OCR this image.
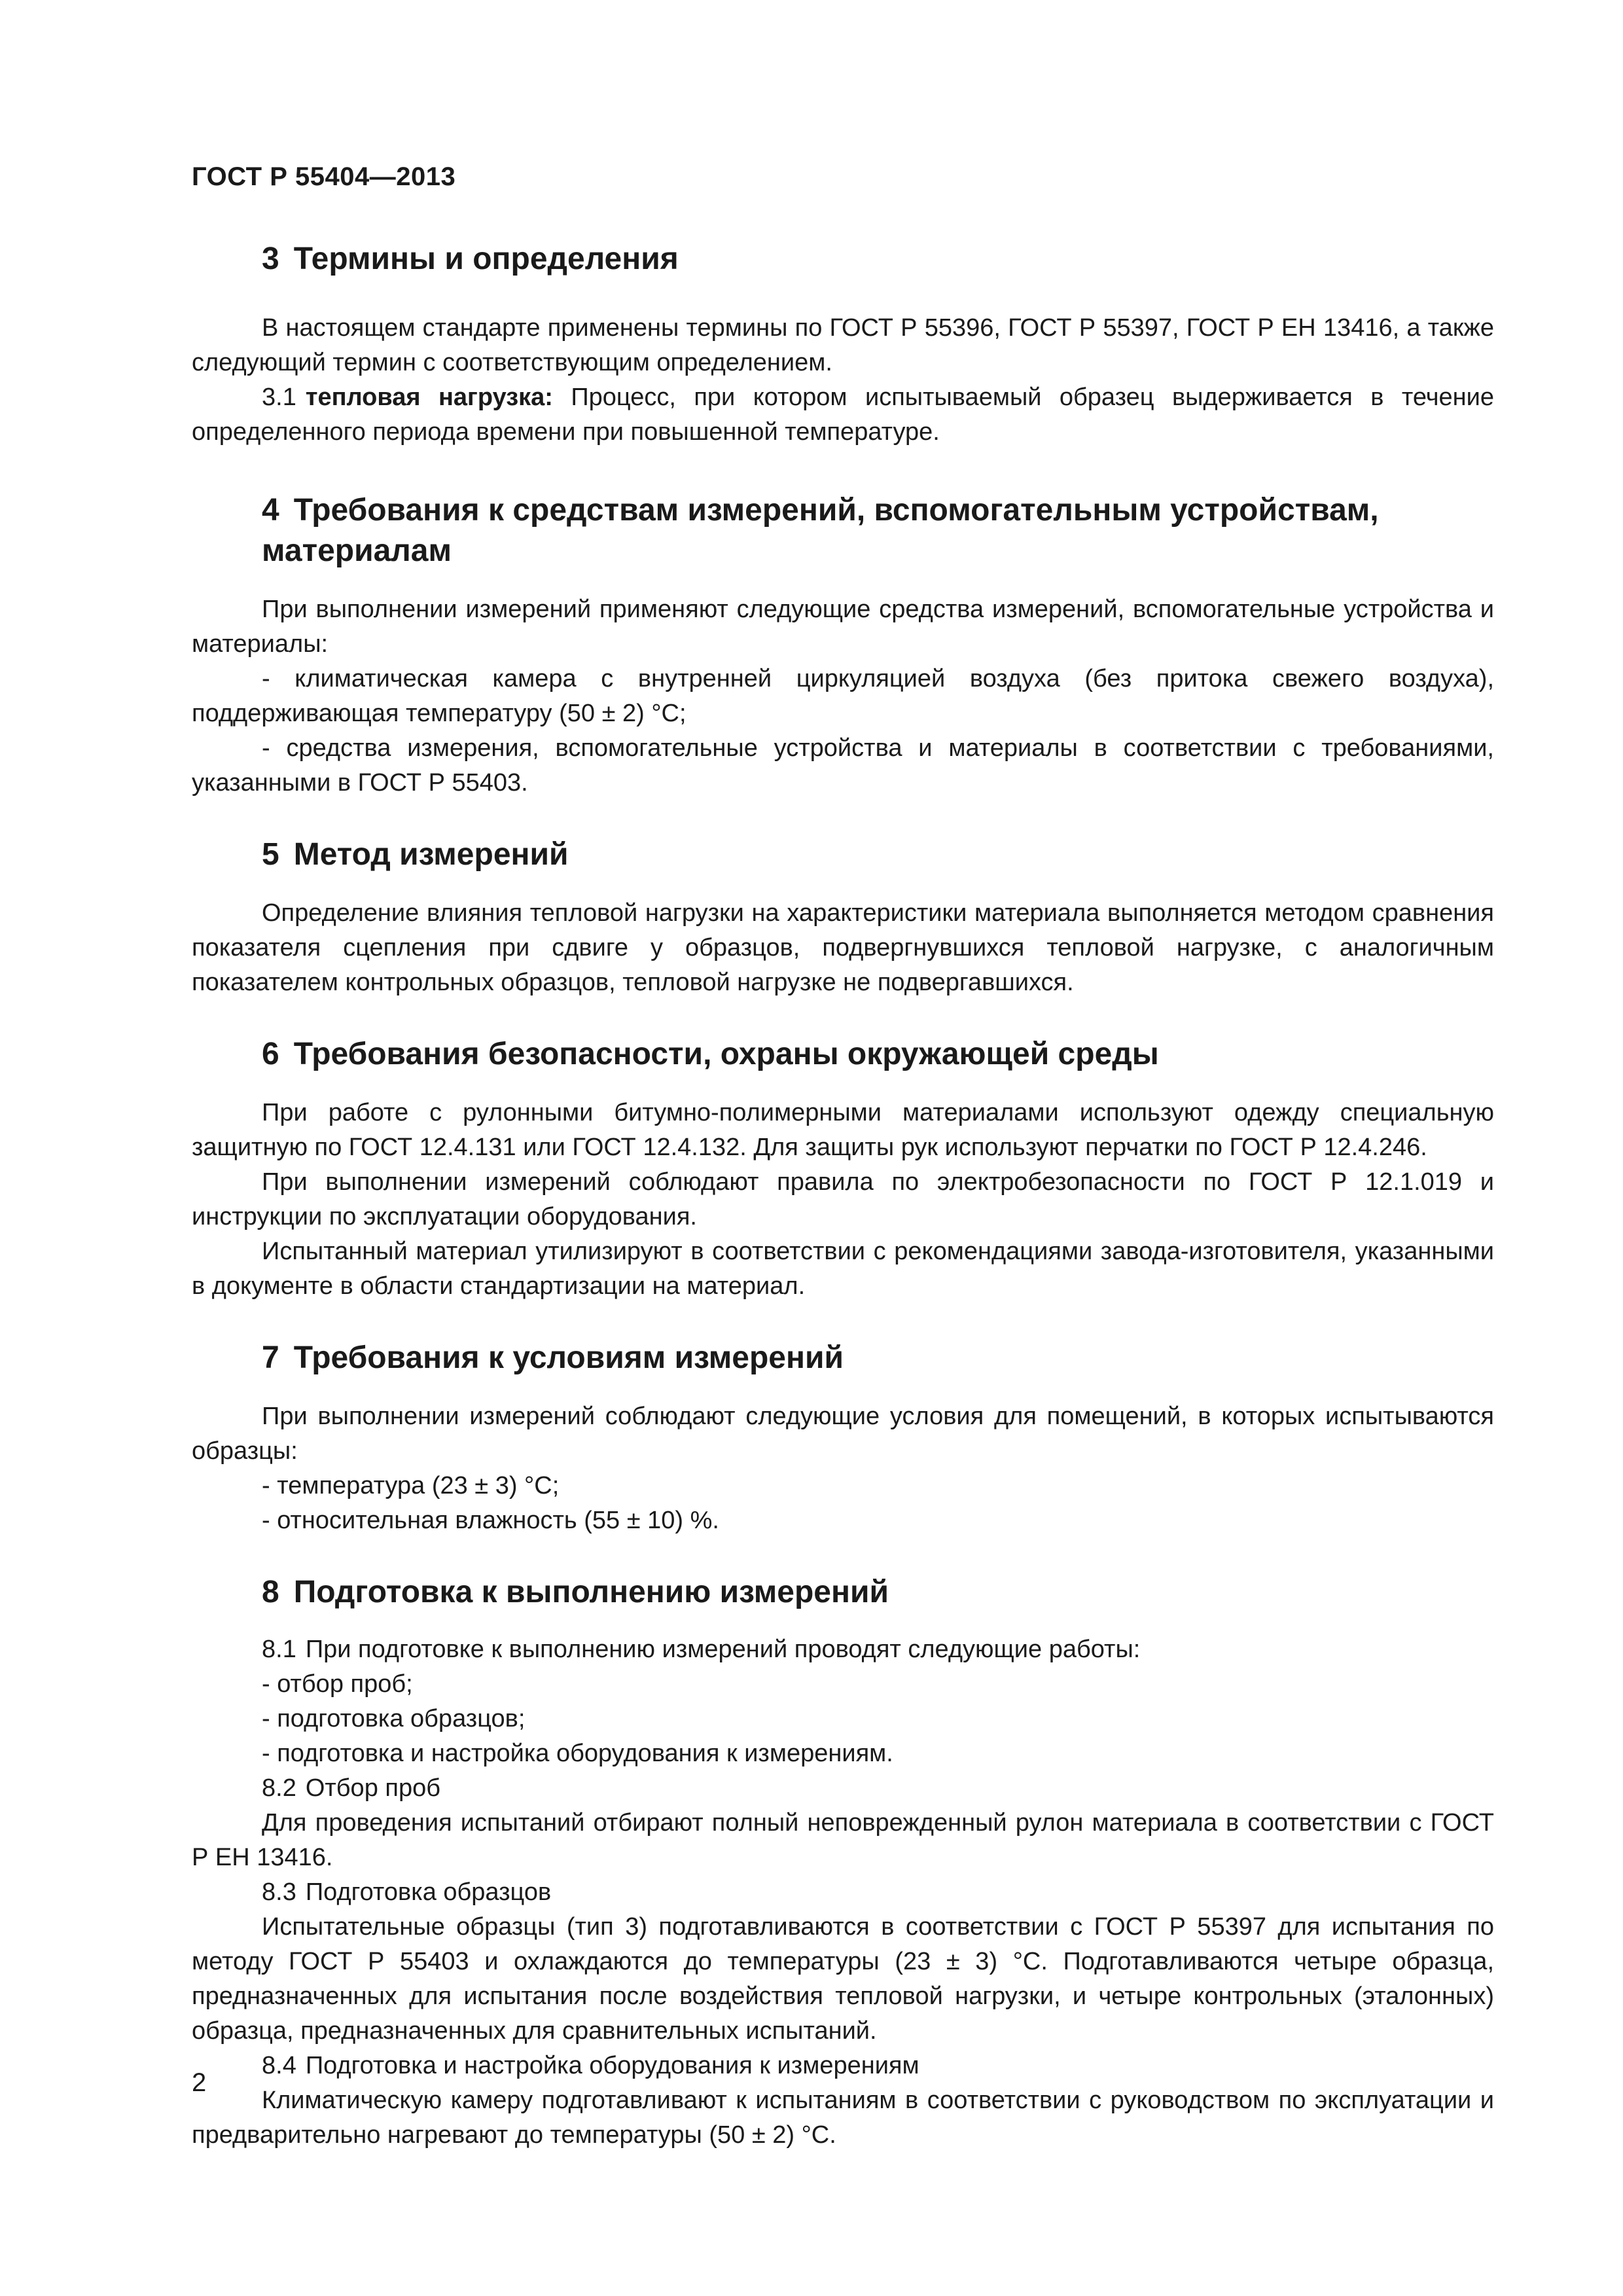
ГОСТ Р 55404—2013
3 Термины и определения

В настоящем стандарте применены термины по ГОСТ Р 55396, ГОСТ Р 55397, ГОСТ Р ЕН 13416, а также следующий термин с соответствующим определением.

3.1 тепловая нагрузка: Процесс, при котором испытываемый образец выдерживается в течение определенного периода времени при повышенной температуре.

4 Требования к средствам измерений, вспомогательным устройствам,
материалам

При выполнении измерений применяют следующие средства измерений, вспомогательные устройства и материалы:

- климатическая камера с внутренней циркуляцией воздуха (без притока свежего воздуха), поддерживающая температуру (50 ± 2) °С;

- средства измерения, вспомогательные устройства и материалы в соответствии с требованиями, указанными в ГОСТ Р 55403.

5 Метод измерений

Определение влияния тепловой нагрузки на характеристики материала выполняется методом сравнения показателя сцепления при сдвиге у образцов, подвергнувшихся тепловой нагрузке, с аналогичным показателем контрольных образцов, тепловой нагрузке не подвергавшихся.

6 Требования безопасности, охраны окружающей среды

При работе с рулонными битумно-полимерными материалами используют одежду специальную защитную по ГОСТ 12.4.131 или ГОСТ 12.4.132. Для защиты рук используют перчатки по ГОСТ Р 12.4.246.

При выполнении измерений соблюдают правила по электробезопасности по ГОСТ Р 12.1.019 и инструкции по эксплуатации оборудования.

Испытанный материал утилизируют в соответствии с рекомендациями завода-изготовителя, указанными в документе в области стандартизации на материал.

7 Требования к условиям измерений

При выполнении измерений соблюдают следующие условия для помещений, в которых испытываются образцы:

- температура (23 ± 3) °С;

- относительная влажность (55 ± 10) %.

8 Подготовка к выполнению измерений

8.1 При подготовке к выполнению измерений проводят следующие работы:

- отбор проб;

- подготовка образцов;

- подготовка и настройка оборудования к измерениям.

8.2 Отбор проб

Для проведения испытаний отбирают полный неповрежденный рулон материала в соответствии с ГОСТ Р ЕН 13416.

8.3 Подготовка образцов

Испытательные образцы (тип 3) подготавливаются в соответствии с ГОСТ Р 55397 для испытания по методу ГОСТ Р 55403 и охлаждаются до температуры (23 ± 3) °С. Подготавливаются четыре образца, предназначенных для испытания после воздействия тепловой нагрузки, и четыре контрольных (эталонных) образца, предназначенных для сравнительных испытаний.

8.4 Подготовка и настройка оборудования к измерениям

Климатическую камеру подготавливают к испытаниям в соответствии с руководством по эксплуатации и предварительно нагревают до температуры (50 ± 2) °С.

2
